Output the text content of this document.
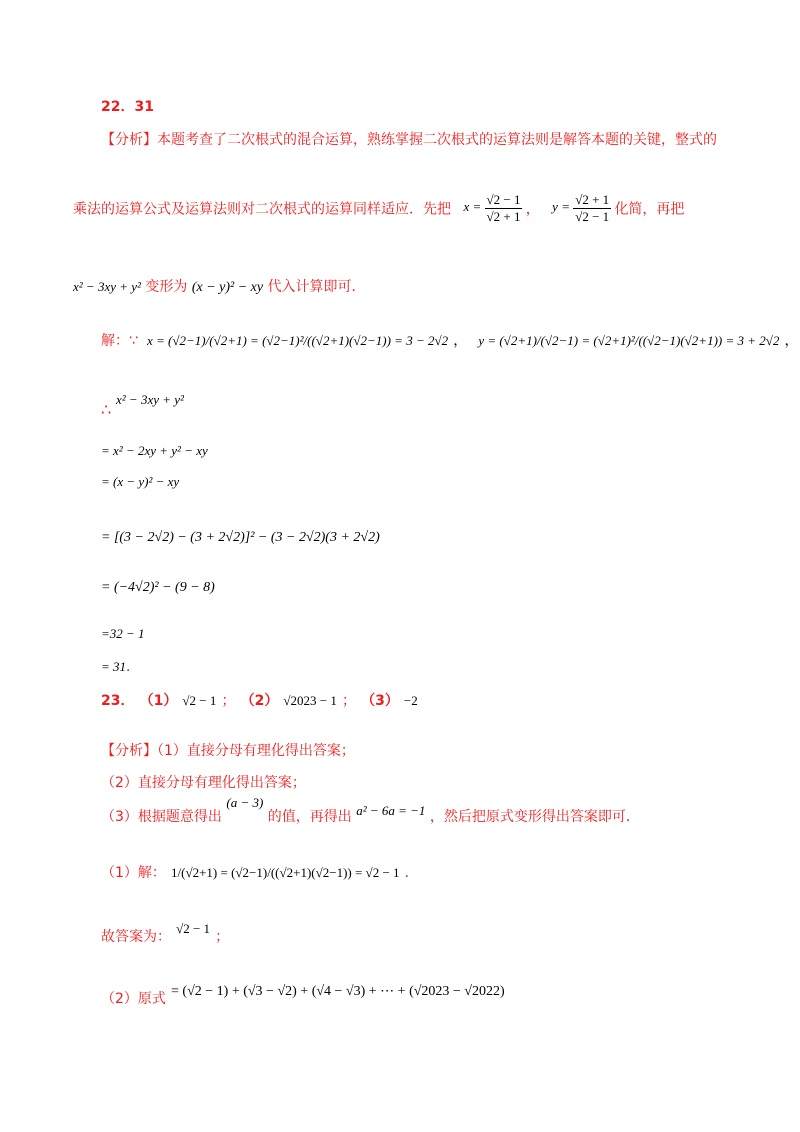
22．31
【分析】本题考查了二次根式的混合运算，熟练掌握二次根式的运算法则是解答本题的关键，整式的
乘法的运算公式及运算法则对二次根式的运算同样适应．先把 $x = \frac{√2 - 1}{√2 + 1}$ ， $y = \frac{√2 + 1}{√2 - 1}$ 化简，再把
x² − 3xy + y² 变形为 (x − y)² − xy 代入计算即可．
解：∵ x = (√2−1)/(√2+1) = (√2−1)²/((√2+1)(√2−1)) = 3 − 2√2 ， y = (√2+1)/(√2−1) = (√2+1)²/((√2−1)(√2+1)) = 3 + 2√2 ，
∴
x² − 3xy + y²
= x² − 2xy + y² − xy
= (x − y)² − xy
= [(3 − 2√2) − (3 + 2√2)]² − (3 − 2√2)(3 + 2√2)
= (−4√2)² − (9 − 8)
=32 − 1
= 31．
23． （1） √2 − 1 ； （2） √2023 − 1 ； （3） −2
【分析】（1）直接分母有理化得出答案；
（2）直接分母有理化得出答案；
（3）根据题意得出 (a − 3) 的值，再得出 a² − 6a = −1 ，然后把原式变形得出答案即可．
（1）解： 1/(√2+1) = (√2−1)/((√2+1)(√2−1)) = √2 − 1 ．
故答案为： $^{√2 - 1}$ ；
（2）原式 = (√2 − 1) + (√3 − √2) + (√4 − √3) + ⋯ + (√2023 − √2022)
